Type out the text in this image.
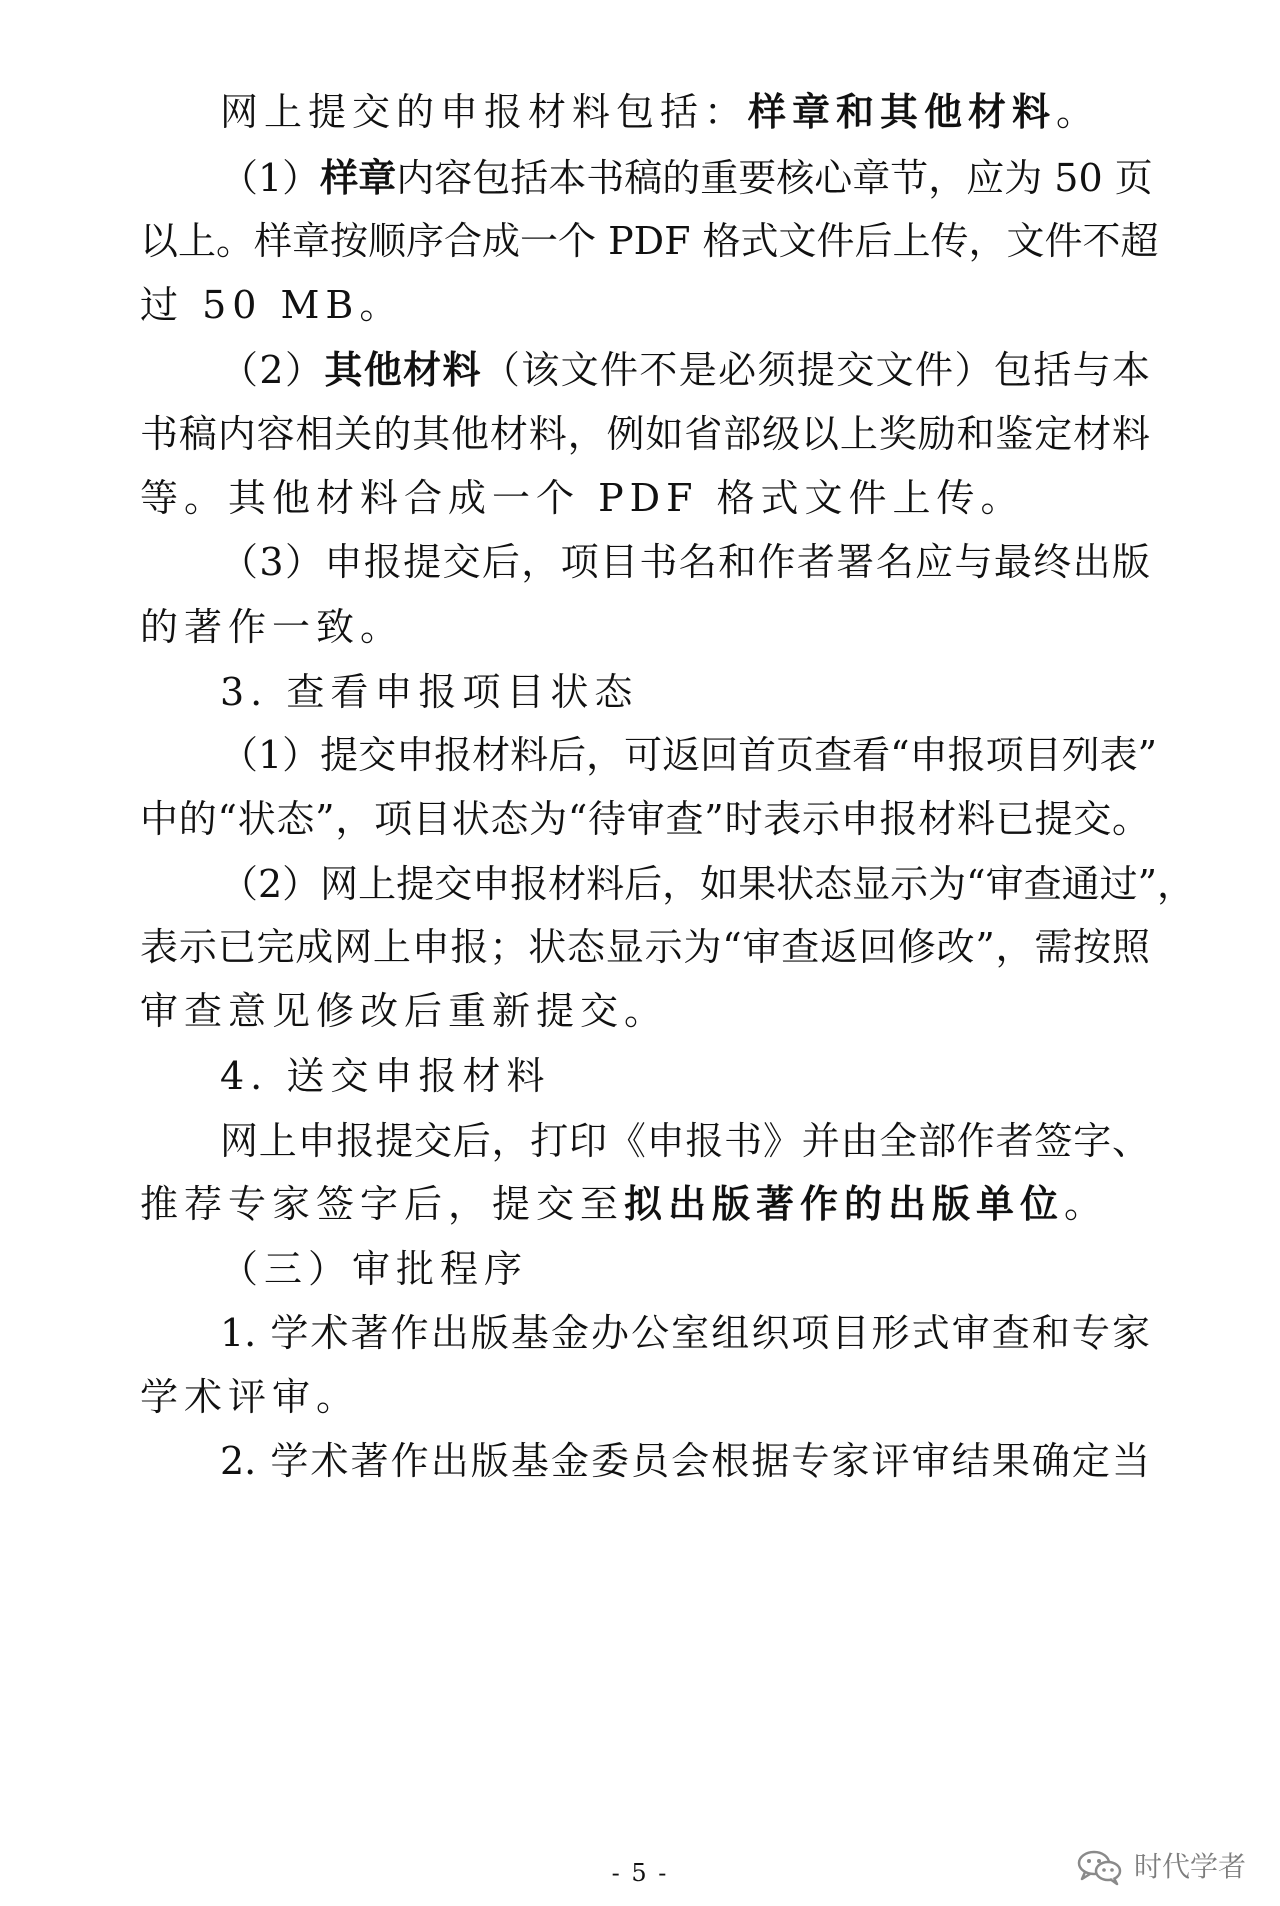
网上提交的申报材料包括：样章和其他材料。
（1）样章内容包括本书稿的重要核心章节，应为 50 页
以上。样章按顺序合成一个 PDF 格式文件后上传，文件不超
过 50 MB。
（2）其他材料（该文件不是必须提交文件）包括与本
书稿内容相关的其他材料，例如省部级以上奖励和鉴定材料
等。其他材料合成一个 PDF 格式文件上传。
（3）申报提交后，项目书名和作者署名应与最终出版
的著作一致。
3. 查看申报项目状态
（1）提交申报材料后，可返回首页查看“申报项目列表”
中的“状态”，项目状态为“待审查”时表示申报材料已提交。
（2）网上提交申报材料后，如果状态显示为“审查通过”，
表示已完成网上申报；状态显示为“审查返回修改”，需按照
审查意见修改后重新提交。
4. 送交申报材料
网上申报提交后，打印《申报书》并由全部作者签字、
推荐专家签字后，提交至拟出版著作的出版单位。
（三）审批程序
1. 学术著作出版基金办公室组织项目形式审查和专家
学术评审。
2. 学术著作出版基金委员会根据专家评审结果确定当
- 5 -	时代学者
